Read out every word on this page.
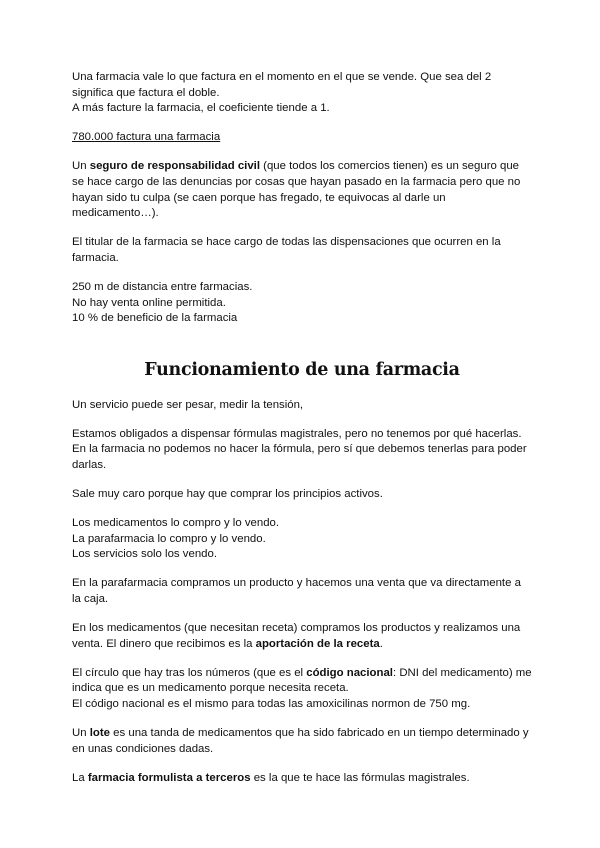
Una farmacia vale lo que factura en el momento en el que se vende. Que sea del 2 significa que factura el doble.
A más facture la farmacia, el coeficiente tiende a 1.

780.000 factura una farmacia

Un seguro de responsabilidad civil (que todos los comercios tienen) es un seguro que se hace cargo de las denuncias por cosas que hayan pasado en la farmacia pero que no hayan sido tu culpa (se caen porque has fregado, te equivocas al darle un medicamento…).

El titular de la farmacia se hace cargo de todas las dispensaciones que ocurren en la farmacia.

250 m de distancia entre farmacias.
No hay venta online permitida.
10 % de beneficio de la farmacia

Funcionamiento de una farmacia

Un servicio puede ser pesar, medir la tensión,

Estamos obligados a dispensar fórmulas magistrales, pero no tenemos por qué hacerlas.
En la farmacia no podemos no hacer la fórmula, pero sí que debemos tenerlas para poder darlas.

Sale muy caro porque hay que comprar los principios activos.

Los medicamentos lo compro y lo vendo.
La parafarmacia lo compro y lo vendo.
Los servicios solo los vendo.

En la parafarmacia compramos un producto y hacemos una venta que va directamente a la caja.

En los medicamentos (que necesitan receta) compramos los productos y realizamos una venta. El dinero que recibimos es la aportación de la receta.

El círculo que hay tras los números (que es el código nacional: DNI del medicamento) me indica que es un medicamento porque necesita receta.
El código nacional es el mismo para todas las amoxicilinas normon de 750 mg.

Un lote es una tanda de medicamentos que ha sido fabricado en un tiempo determinado y en unas condiciones dadas.

La farmacia formulista a terceros es la que te hace las fórmulas magistrales.
